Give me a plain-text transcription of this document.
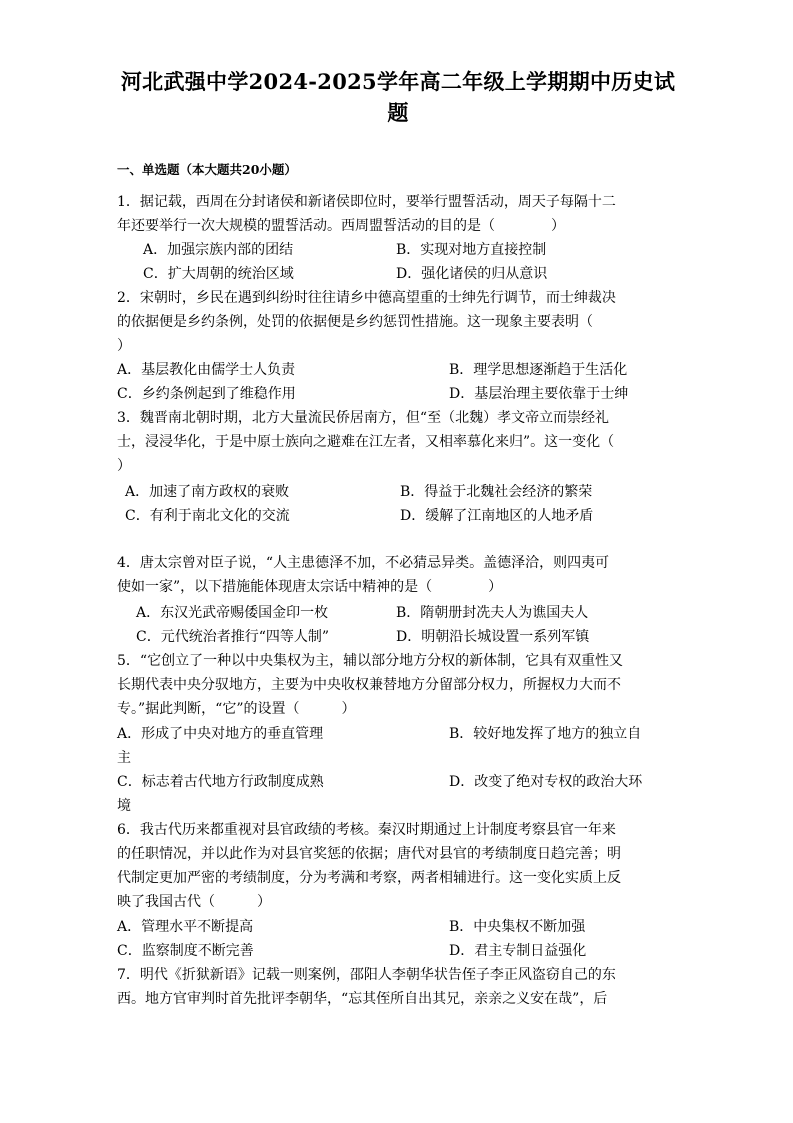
河北武强中学2024-2025学年高二年级上学期期中历史试
题
一、单选题（本大题共20小题）
1．据记载，西周在分封诸侯和新诸侯即位时，要举行盟誓活动，周天子每隔十二
年还要举行一次大规模的盟誓活动。西周盟誓活动的目的是（　　　　）
A．加强宗族内部的团结	B．实现对地方直接控制
C．扩大周朝的统治区域	D．强化诸侯的归从意识
2．宋朝时，乡民在遇到纠纷时往往请乡中德高望重的士绅先行调节，而士绅裁决
的依据便是乡约条例，处罚的依据便是乡约惩罚性措施。这一现象主要表明（
）
A．基层教化由儒学士人负责	B．理学思想逐渐趋于生活化
C．乡约条例起到了维稳作用	D．基层治理主要依靠于士绅
3．魏晋南北朝时期，北方大量流民侨居南方，但“至（北魏）孝文帝立而崇经礼
士，浸浸华化，于是中原士族向之避难在江左者，又相率慕化来归”。这一变化（
）
A．加速了南方政权的衰败	B．得益于北魏社会经济的繁荣
C．有利于南北文化的交流	D．缓解了江南地区的人地矛盾
4．唐太宗曾对臣子说，“人主患德泽不加，不必猜忌异类。盖德泽洽，则四夷可
使如一家”，以下措施能体现唐太宗话中精神的是（　　　　）
A．东汉光武帝赐倭国金印一枚	B．隋朝册封冼夫人为谯国夫人
C．元代统治者推行“四等人制”	D．明朝沿长城设置一系列军镇
5．“它创立了一种以中央集权为主，辅以部分地方分权的新体制，它具有双重性又
长期代表中央分驭地方，主要为中央收权兼替地方分留部分权力，所握权力大而不
专。”据此判断，“它”的设置（　　　）
A．形成了中央对地方的垂直管理	B．较好地发挥了地方的独立自
主
C．标志着古代地方行政制度成熟	D．改变了绝对专权的政治大环
境
6．我古代历来都重视对县官政绩的考核。秦汉时期通过上计制度考察县官一年来
的任职情况，并以此作为对县官奖惩的依据；唐代对县官的考绩制度日趋完善；明
代制定更加严密的考绩制度，分为考满和考察，两者相辅进行。这一变化实质上反
映了我国古代（　　　）
A．管理水平不断提高	B．中央集权不断加强
C．监察制度不断完善	D．君主专制日益强化
7．明代《折狱新语》记载一则案例，邵阳人李朝华状告侄子李正风盗窃自己的东
西。地方官审判时首先批评李朝华，“忘其侄所自出其兄，亲亲之义安在哉”，后
